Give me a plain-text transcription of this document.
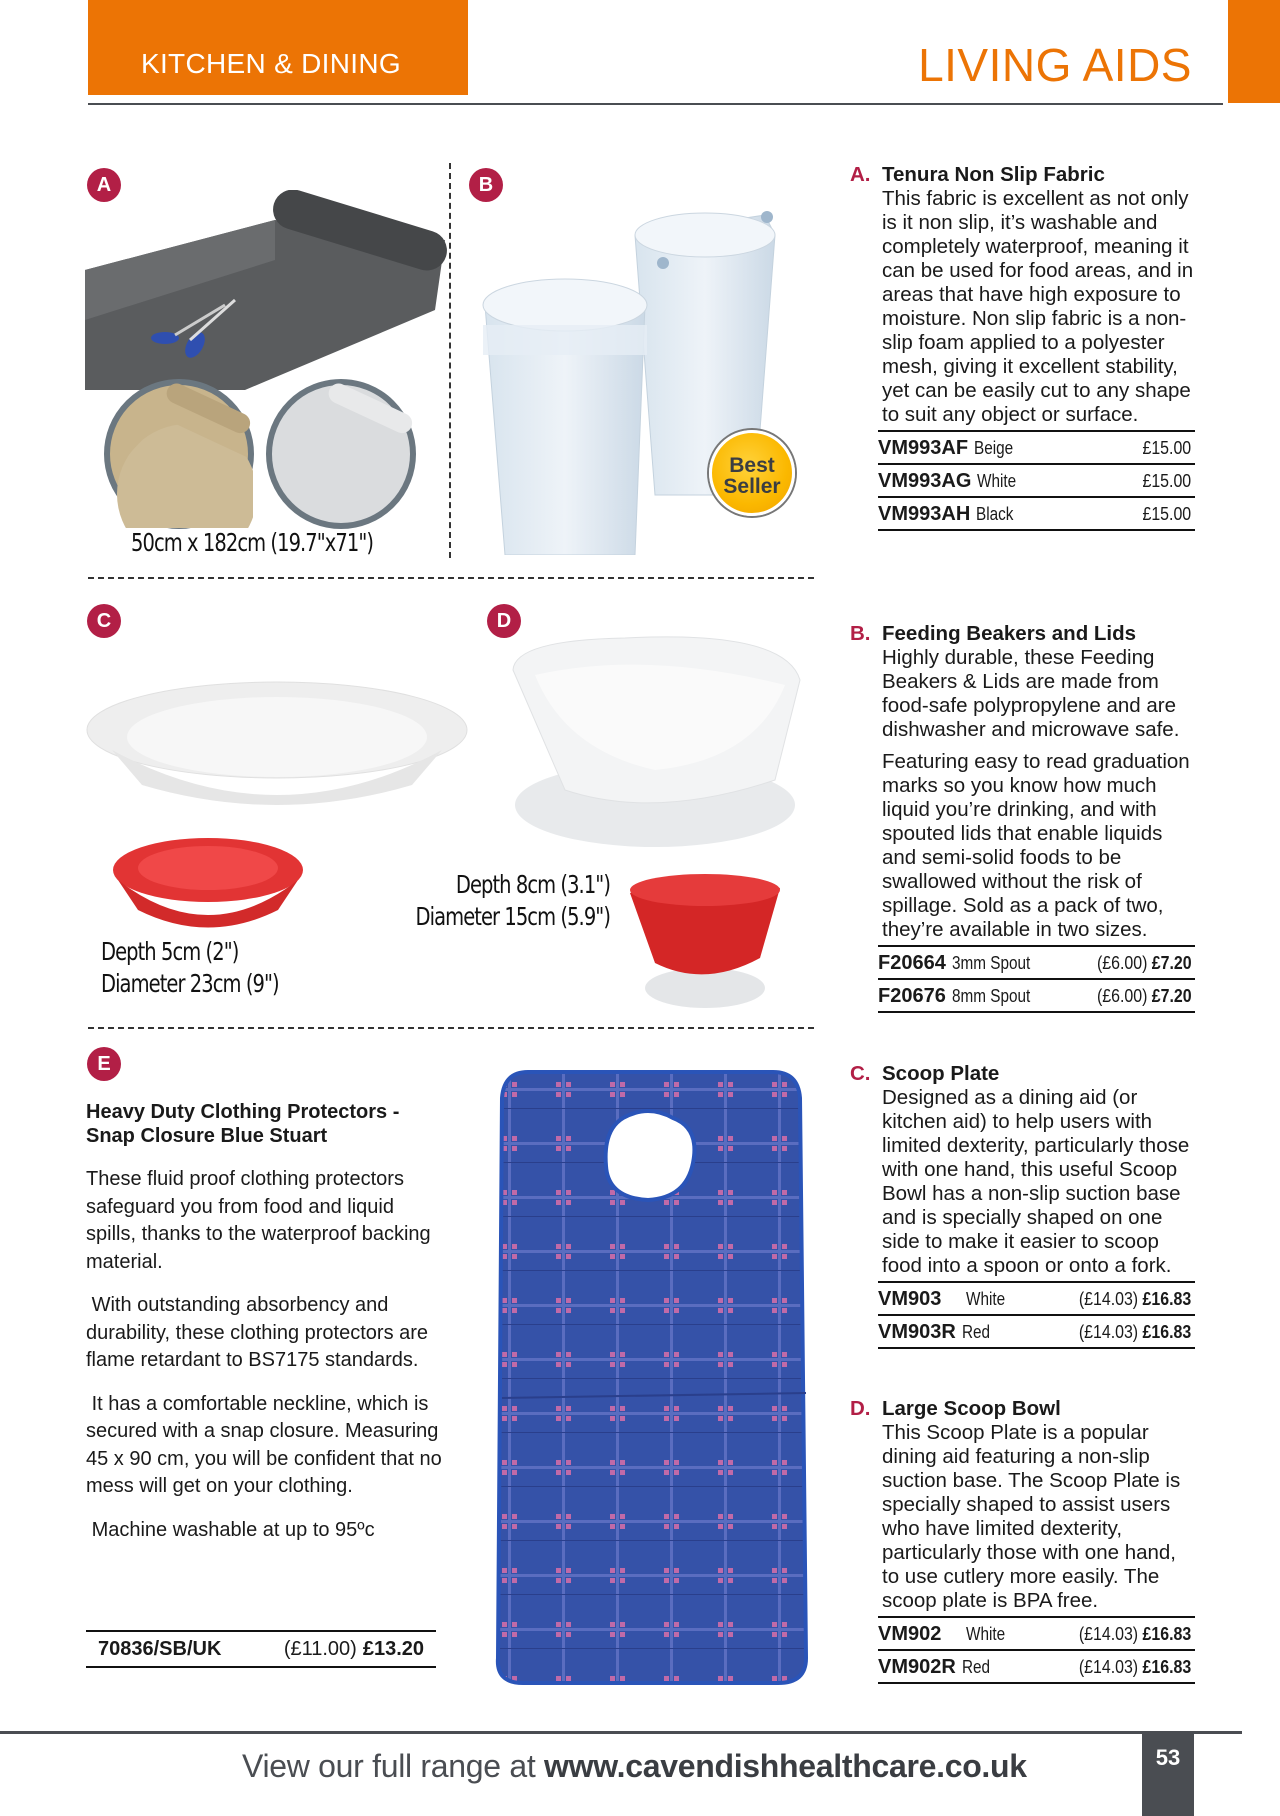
KITCHEN & DINING	LIVING AIDS
A
50cm x 182cm (19.7"x71")
B
Best
Seller
C
Depth 5cm (2")
Diameter 23cm (9")
D
Depth 8cm (3.1")
Diameter 15cm (5.9")
E
Heavy Duty Clothing Protectors -
Snap Closure Blue Stuart

These fluid proof clothing protectors safeguard you from food and liquid spills, thanks to the waterproof backing material.

With outstanding absorbency and durability, these clothing protectors are flame retardant to BS7175 standards.

It has a comfortable neckline, which is secured with a snap closure. Measuring 45 x 90 cm, you will be confident that no mess will get on your clothing.

Machine washable at up to 95ºc

70836/SB/UK	(£11.00) £13.20
A. Tenura Non Slip Fabric

This fabric is excellent as not only is it non slip, it’s washable and completely waterproof, meaning it can be used for food areas, and in areas that have high exposure to moisture. Non slip fabric is a non-slip foam applied to a polyester mesh, giving it excellent stability, yet can be easily cut to any shape to suit any object or surface.

VM993AF Beige	£15.00
VM993AG White	£15.00
VM993AH Black	£15.00
B. Feeding Beakers and Lids

Highly durable, these Feeding Beakers & Lids are made from food-safe polypropylene and are dishwasher and microwave safe.

Featuring easy to read graduation marks so you know how much liquid you’re drinking, and with spouted lids that enable liquids and semi-solid foods to be swallowed without the risk of spillage. Sold as a pack of two, they’re available in two sizes.

F20664 3mm Spout	(£6.00) £7.20
F20676 8mm Spout	(£6.00) £7.20
C. Scoop Plate

Designed as a dining aid (or kitchen aid) to help users with limited dexterity, particularly those with one hand, this useful Scoop Bowl has a non-slip suction base and is specially shaped on one side to make it easier to scoop food into a spoon or onto a fork.

VM903	White	(£14.03) £16.83
VM903R Red	(£14.03) £16.83
D. Large Scoop Bowl

This Scoop Plate is a popular dining aid featuring a non-slip suction base. The Scoop Plate is specially shaped to assist users who have limited dexterity, particularly those with one hand, to use cutlery more easily. The scoop plate is BPA free.

VM902	White	(£14.03) £16.83
VM902R Red	(£14.03) £16.83
View our full range at www.cavendishhealthcare.co.uk	53
